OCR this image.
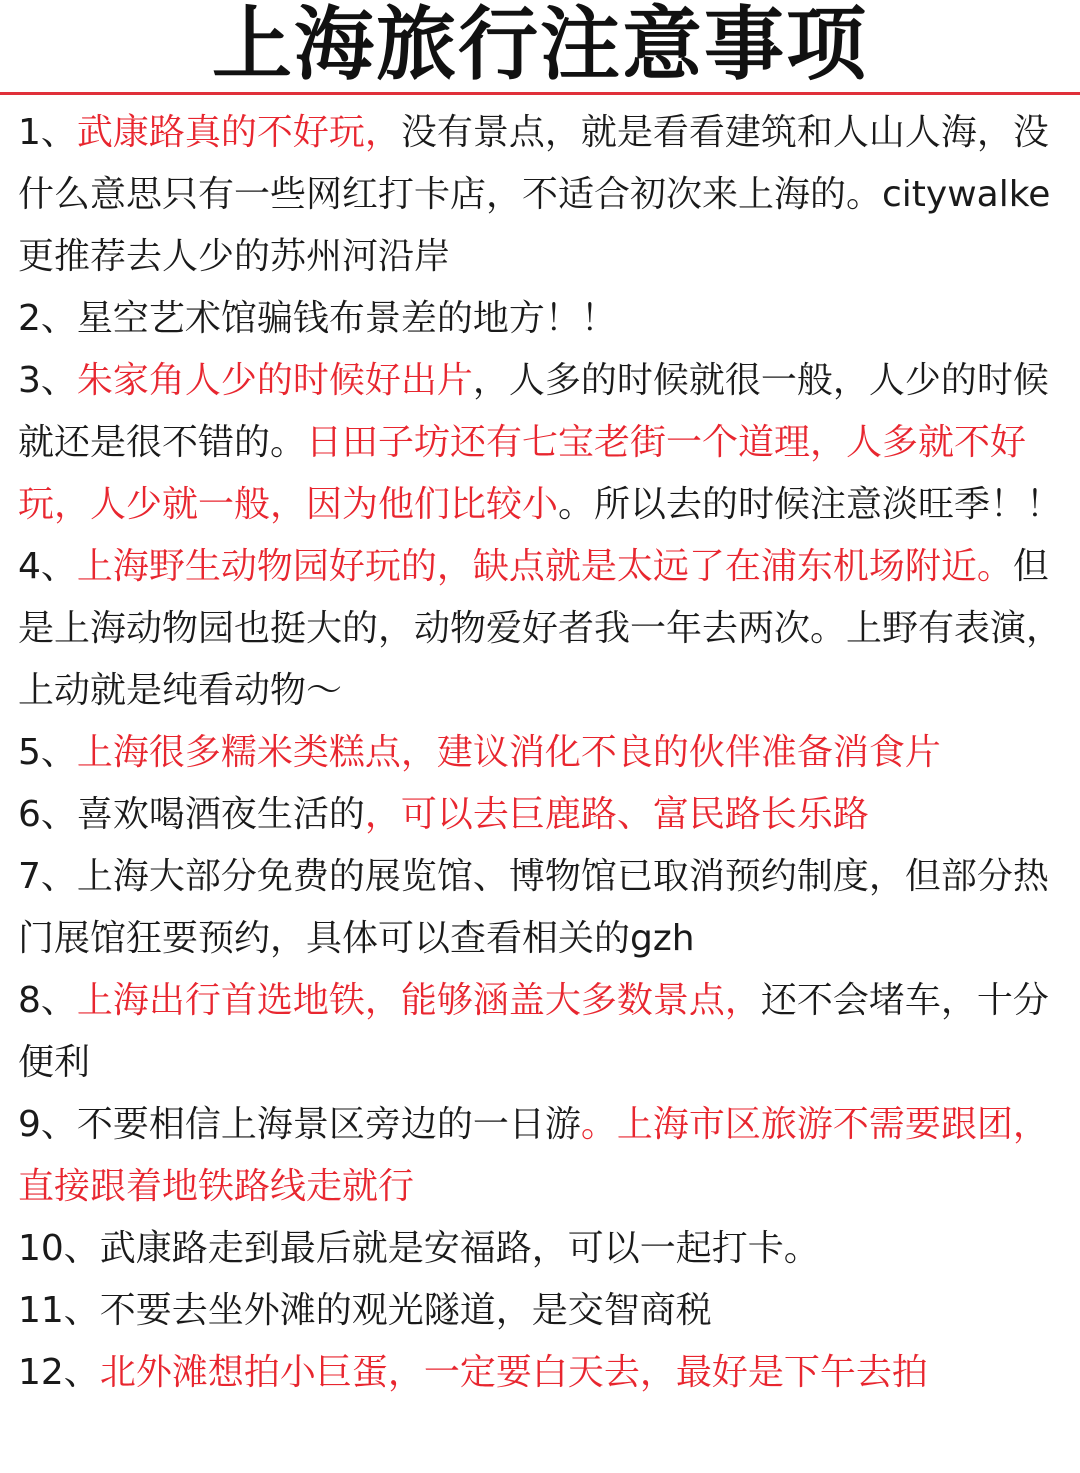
上海旅行注意事项

1、武康路真的不好玩，没有景点，就是看看建筑和人山人海，没什么意思只有一些网红打卡店，不适合初次来上海的。citywalke更推荐去人少的苏州河沿岸

2、星空艺术馆骗钱布景差的地方！！

3、朱家角人少的时候好出片，人多的时候就很一般，人少的时候就还是很不错的。日田子坊还有七宝老街一个道理，人多就不好玩，人少就一般，因为他们比较小。所以去的时候注意淡旺季！！

4、上海野生动物园好玩的，缺点就是太远了在浦东机场附近。但是上海动物园也挺大的，动物爱好者我一年去两次。上野有表演，上动就是纯看动物～

5、上海很多糯米类糕点，建议消化不良的伙伴准备消食片

6、喜欢喝酒夜生活的，可以去巨鹿路、富民路长乐路

7、上海大部分免费的展览馆、博物馆已取消预约制度，但部分热门展馆狂要预约，具体可以查看相关的gzh

8、上海出行首选地铁，能够涵盖大多数景点，还不会堵车，十分便利

9、不要相信上海景区旁边的一日游。上海市区旅游不需要跟团，直接跟着地铁路线走就行

10、武康路走到最后就是安福路，可以一起打卡。

11、不要去坐外滩的观光隧道，是交智商税

12、北外滩想拍小巨蛋，一定要白天去，最好是下午去拍
